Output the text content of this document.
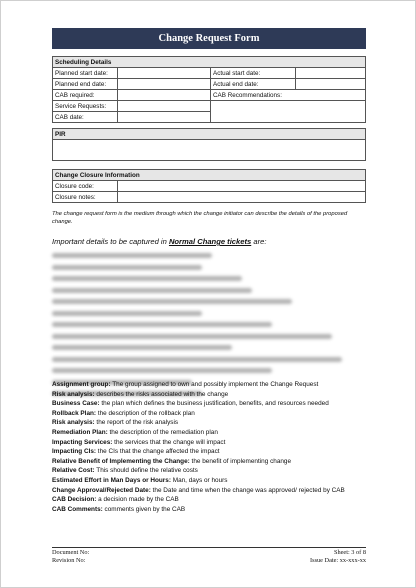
Change Request Form
Scheduling Details			
Planned start date:		Actual start date:	
Planned end date:		Actual end date:	
CAB required:		CAB Recommendations:	
Service Requests:			
CAB date:			
PIR

Change Closure Information	
Closure code:	
Closure notes:	
The change request form is the medium through which the change initiator can describe the details of the proposed change.
Important details to be captured in Normal Change tickets are:
Assignment group: The group assigned to own and possibly implement the Change Request
Risk analysis: describes the risks associated with the change
Business Case: the plan which defines the business justification, benefits, and resources needed
Rollback Plan: the description of the rollback plan
Risk analysis: the report of the risk analysis
Remediation Plan: the description of the remediation plan
Impacting Services: the services that the change will impact
Impacting CIs: the CIs that the change affected the impact
Relative Benefit of Implementing the Change: the benefit of implementing change
Relative Cost: This should define the relative costs
Estimated Effort in Man Days or Hours: Man, days or hours
Change Approval/Rejected Date: the Date and time when the change was approved/ rejected by CAB
CAB Decision: a decision made by the CAB
CAB Comments: comments given by the CAB
Document No:
Revision No:
Sheet: 3 of 8
Issue Date: xx-xxx-xx
